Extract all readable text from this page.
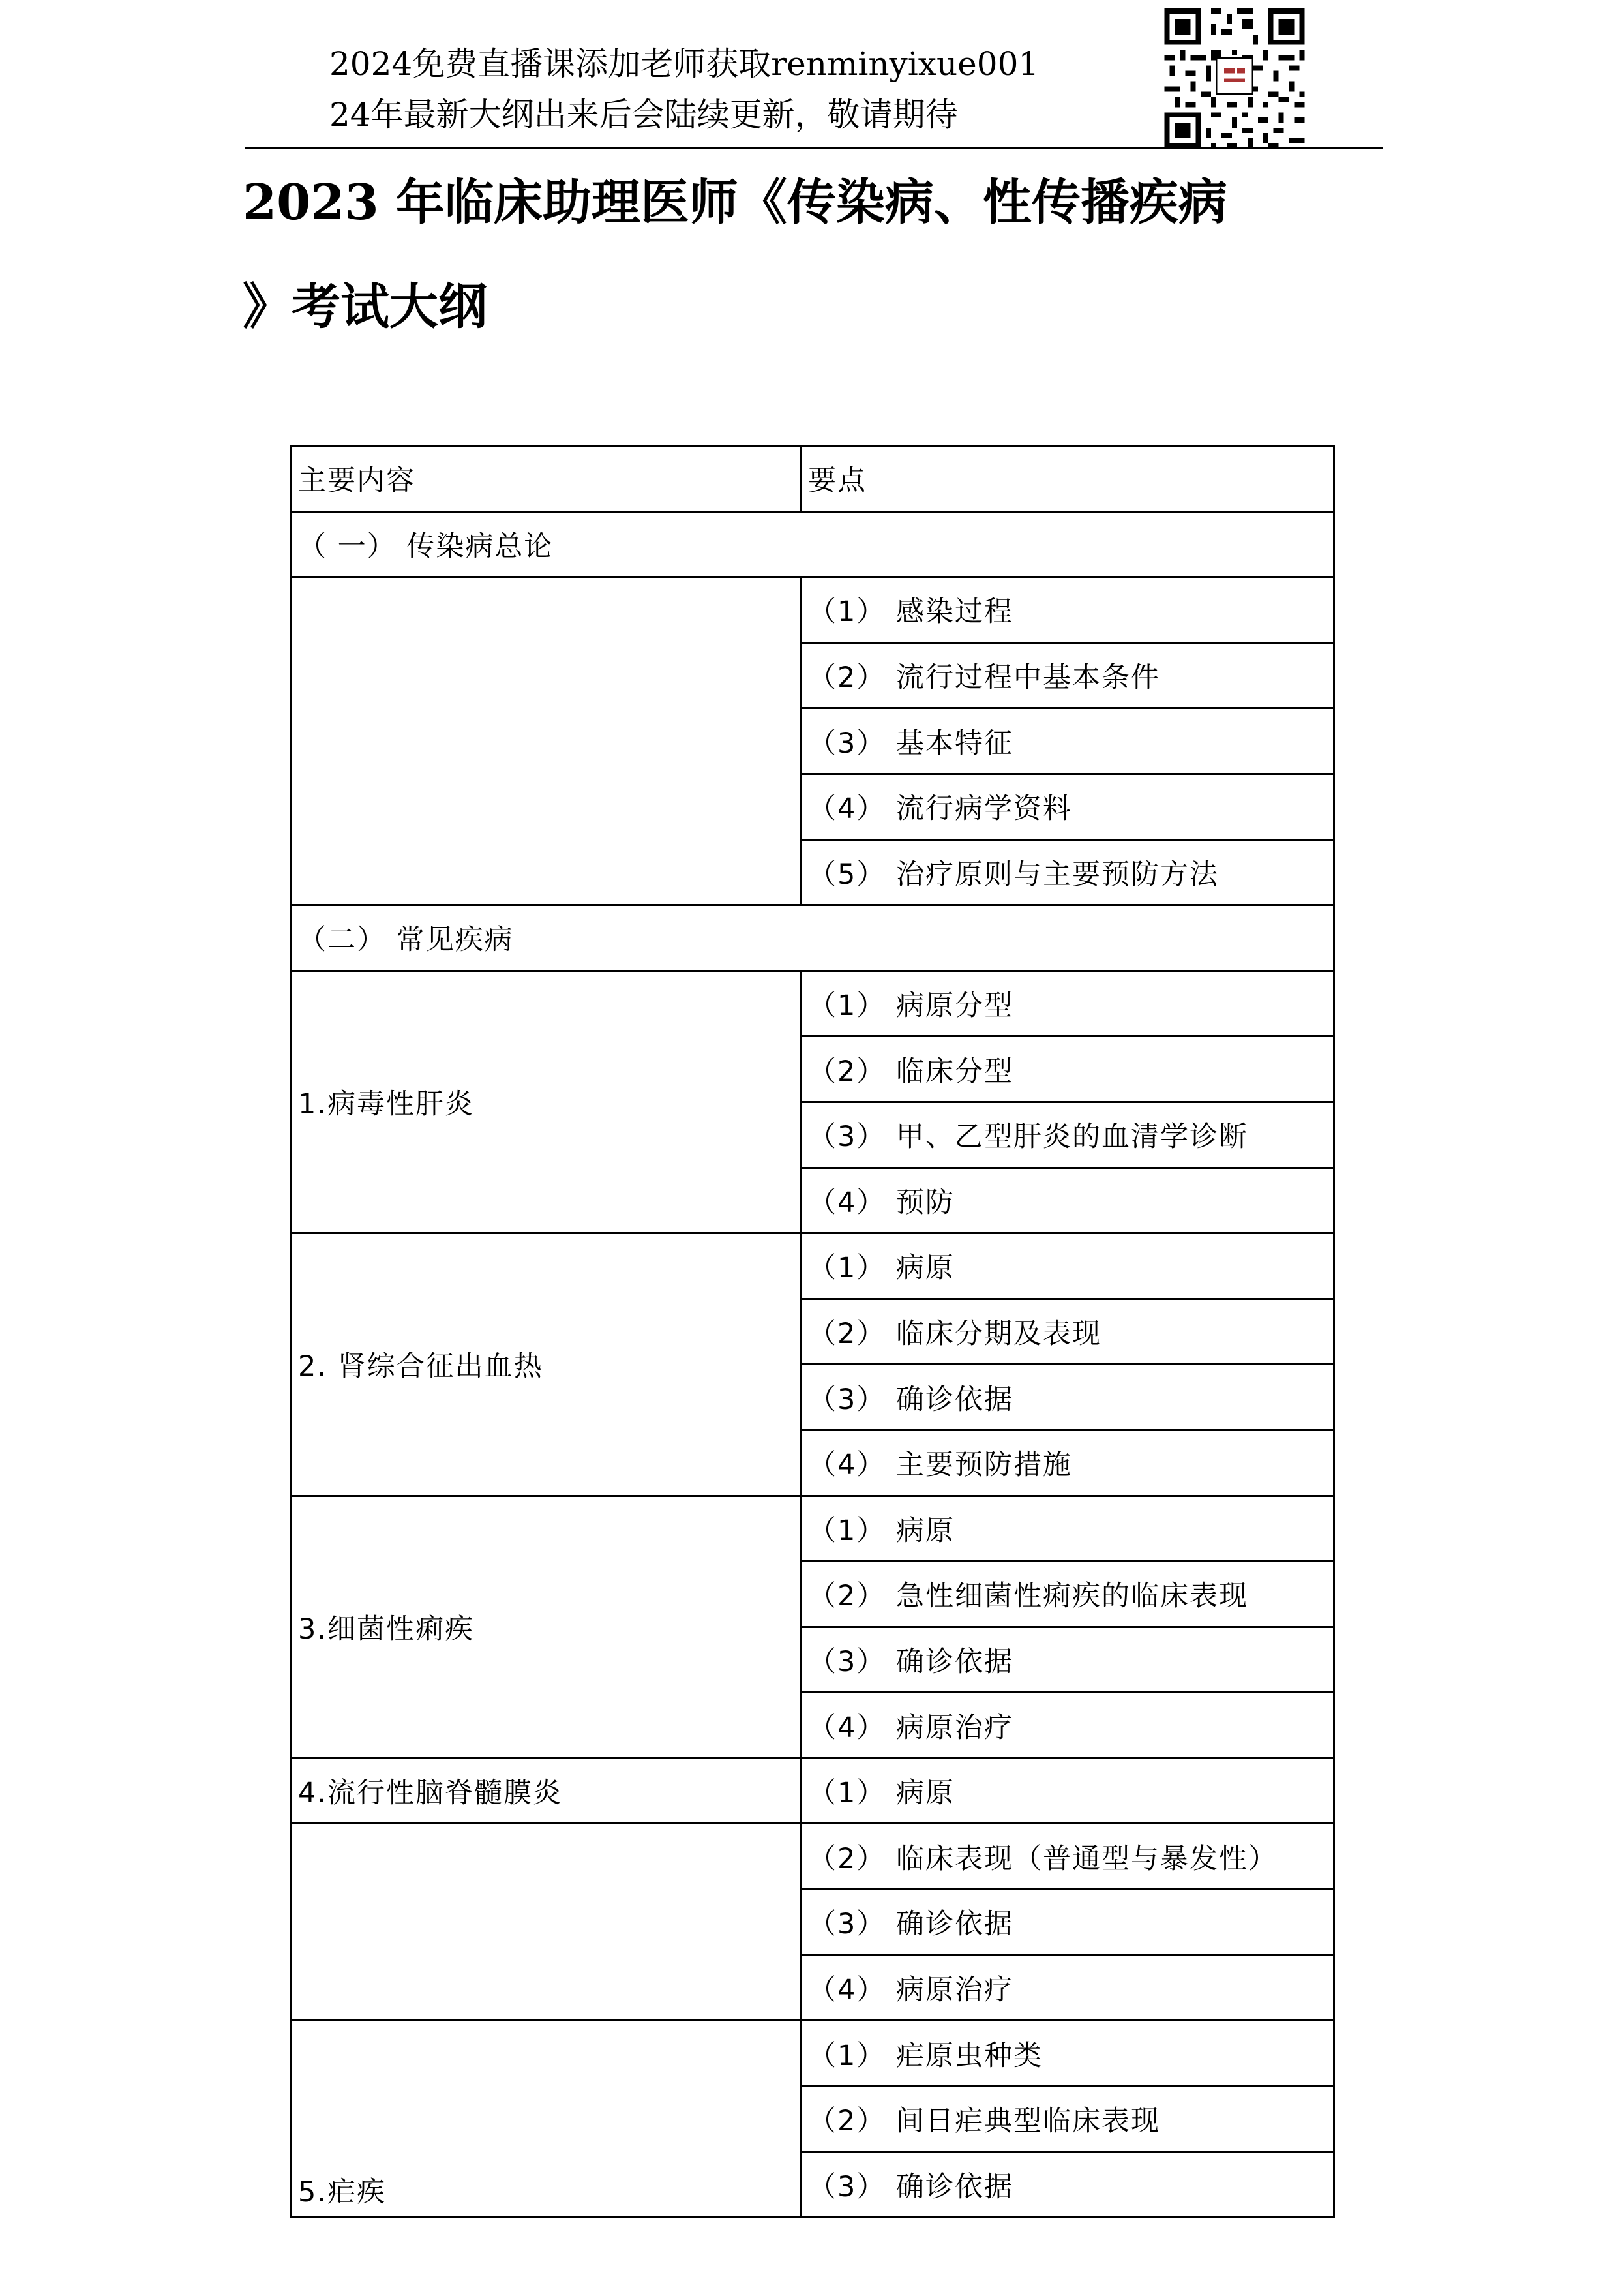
2024免费直播课添加老师获取renminyixue001
24年最新大纲出来后会陆续更新，敬请期待
2023 年临床助理医师《传染病、性传播疾病
》考试大纲
主要内容	要点
（ 一） 传染病总论	
	（1） 感染过程
	（2） 流行过程中基本条件
	（3） 基本特征
	（4） 流行病学资料
	（5） 治疗原则与主要预防方法
（二） 常见疾病	
1.病毒性肝炎	（1） 病原分型
	（2） 临床分型
	（3） 甲、乙型肝炎的血清学诊断
	（4） 预防
2. 肾综合征出血热	（1） 病原
	（2） 临床分期及表现
	（3） 确诊依据
	（4） 主要预防措施
3.细菌性痢疾	（1） 病原
	（2） 急性细菌性痢疾的临床表现
	（3） 确诊依据
	（4） 病原治疗
4.流行性脑脊髓膜炎	（1） 病原
	（2） 临床表现（普通型与暴发性）
	（3） 确诊依据
	（4） 病原治疗
5.疟疾	（1） 疟原虫种类
	（2） 间日疟典型临床表现
	（3） 确诊依据
